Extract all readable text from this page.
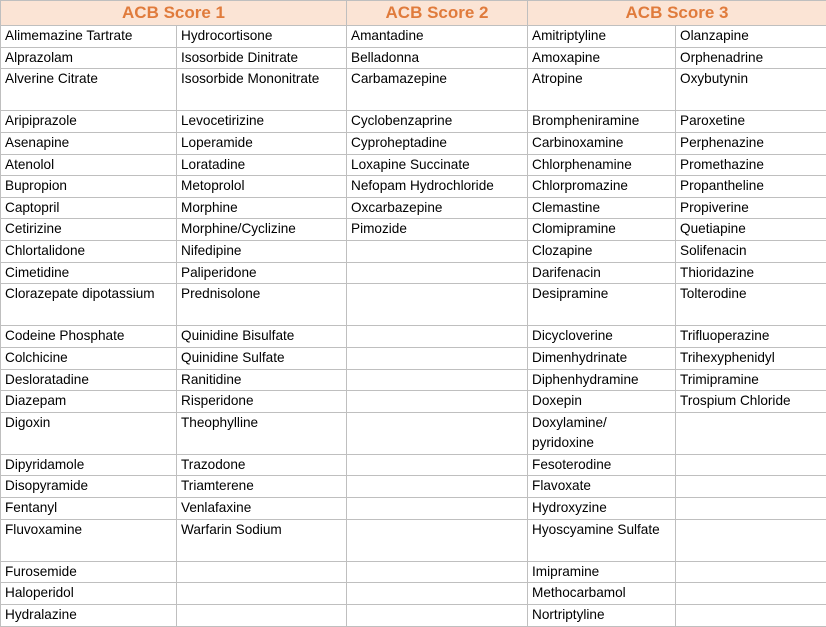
ACB Score 1		ACB Score 2	ACB Score 3	
Alimemazine Tartrate	Hydrocortisone	Amantadine	Amitriptyline	Olanzapine
Alprazolam	Isosorbide Dinitrate	Belladonna	Amoxapine	Orphenadrine
Alverine Citrate	Isosorbide Mononitrate	Carbamazepine	Atropine	Oxybutynin
Aripiprazole	Levocetirizine	Cyclobenzaprine	Brompheniramine	Paroxetine
Asenapine	Loperamide	Cyproheptadine	Carbinoxamine	Perphenazine
Atenolol	Loratadine	Loxapine Succinate	Chlorphenamine	Promethazine
Bupropion	Metoprolol	Nefopam Hydrochloride	Chlorpromazine	Propantheline
Captopril	Morphine	Oxcarbazepine	Clemastine	Propiverine
Cetirizine	Morphine/Cyclizine	Pimozide	Clomipramine	Quetiapine
Chlortalidone	Nifedipine		Clozapine	Solifenacin
Cimetidine	Paliperidone		Darifenacin	Thioridazine
Clorazepate dipotassium	Prednisolone		Desipramine	Tolterodine
Codeine Phosphate	Quinidine Bisulfate		Dicycloverine	Trifluoperazine
Colchicine	Quinidine Sulfate		Dimenhydrinate	Trihexyphenidyl
Desloratadine	Ranitidine		Diphenhydramine	Trimipramine
Diazepam	Risperidone		Doxepin	Trospium Chloride
Digoxin	Theophylline		Doxylamine/ pyridoxine	
Dipyridamole	Trazodone		Fesoterodine	
Disopyramide	Triamterene		Flavoxate	
Fentanyl	Venlafaxine		Hydroxyzine	
Fluvoxamine	Warfarin Sodium		Hyoscyamine Sulfate	
Furosemide			Imipramine	
Haloperidol			Methocarbamol	
Hydralazine			Nortriptyline	
